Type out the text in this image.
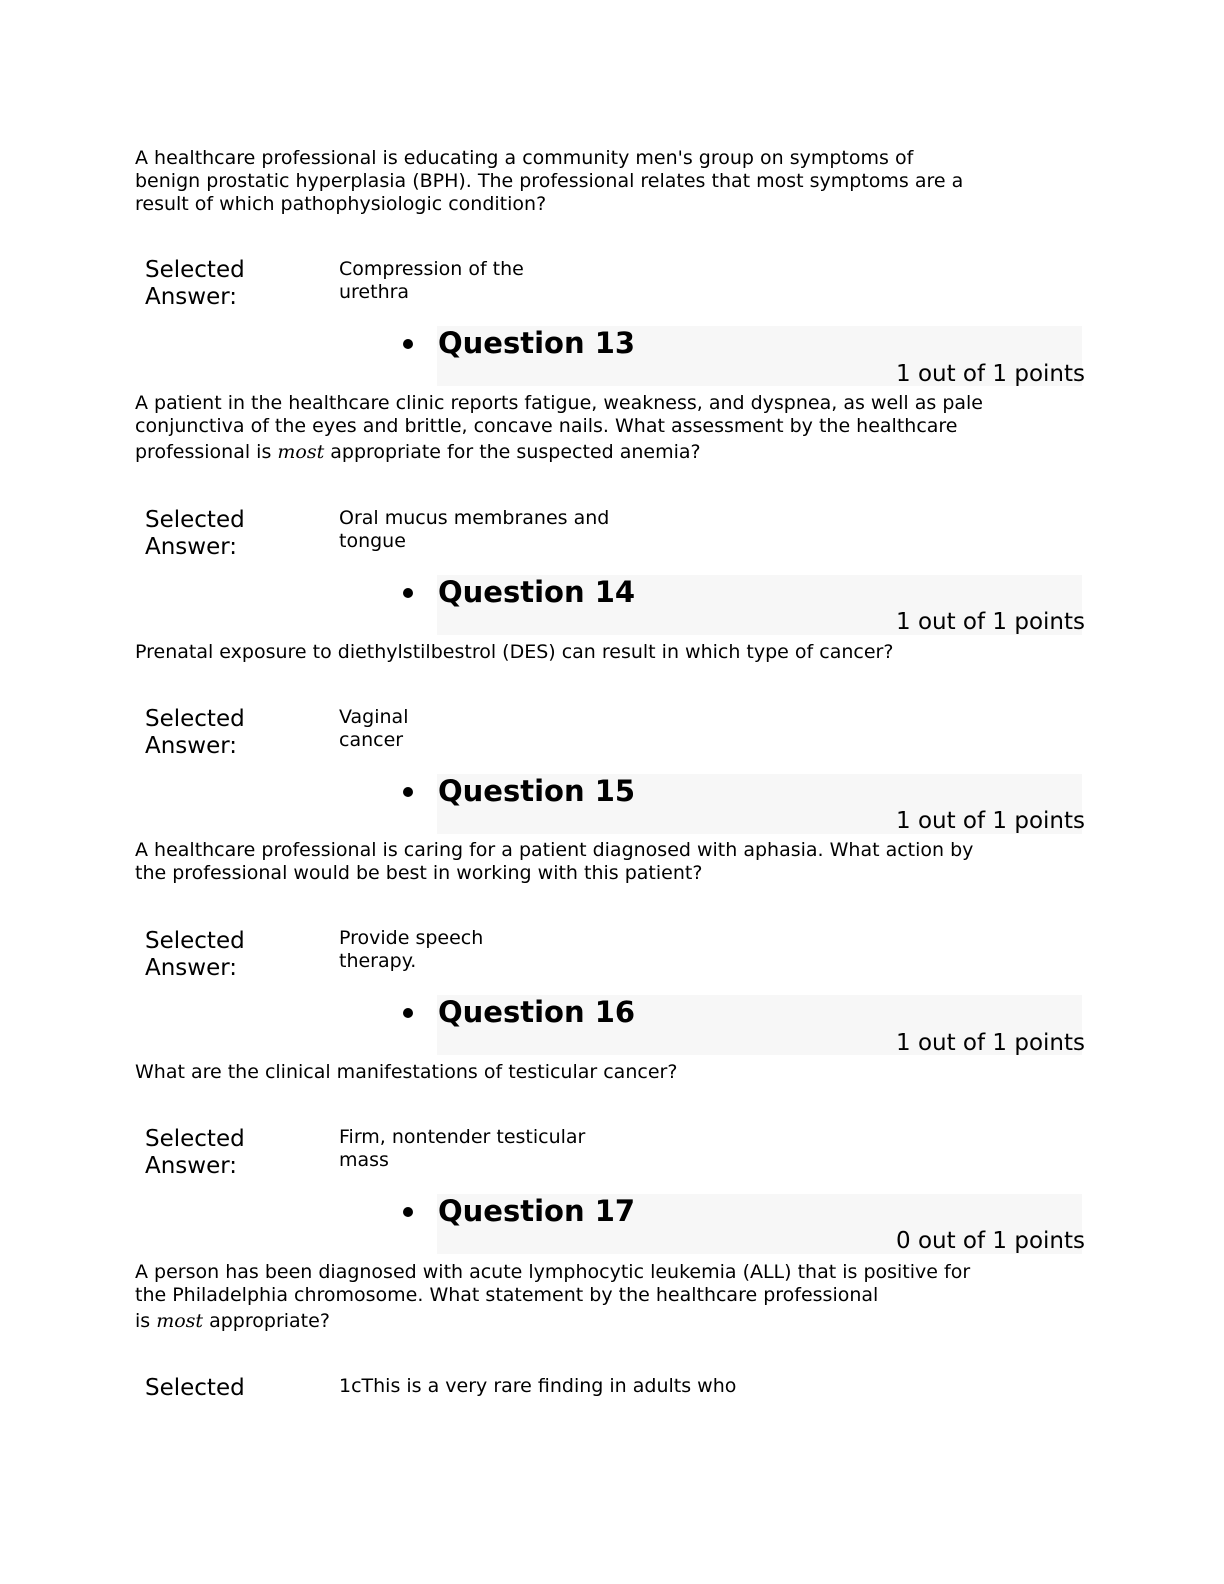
A healthcare professional is educating a community men's group on symptoms of
benign prostatic hyperplasia (BPH). The professional relates that most symptoms are a
result of which pathophysiologic condition?
Selected
Answer:
Compression of the
urethra
Question 13
1 out of 1 points
A patient in the healthcare clinic reports fatigue, weakness, and dyspnea, as well as pale
conjunctiva of the eyes and brittle, concave nails. What assessment by the healthcare
professional is most appropriate for the suspected anemia?
Selected
Answer:
Oral mucus membranes and
tongue
Question 14
1 out of 1 points
Prenatal exposure to diethylstilbestrol (DES) can result in which type of cancer?
Selected
Answer:
Vaginal
cancer
Question 15
1 out of 1 points
A healthcare professional is caring for a patient diagnosed with aphasia. What action by
the professional would be best in working with this patient?
Selected
Answer:
Provide speech
therapy.
Question 16
1 out of 1 points
What are the clinical manifestations of testicular cancer?
Selected
Answer:
Firm, nontender testicular
mass
Question 17
0 out of 1 points
A person has been diagnosed with acute lymphocytic leukemia (ALL) that is positive for
the Philadelphia chromosome. What statement by the healthcare professional
is most appropriate?
Selected	1cThis is a very rare finding in adults who
